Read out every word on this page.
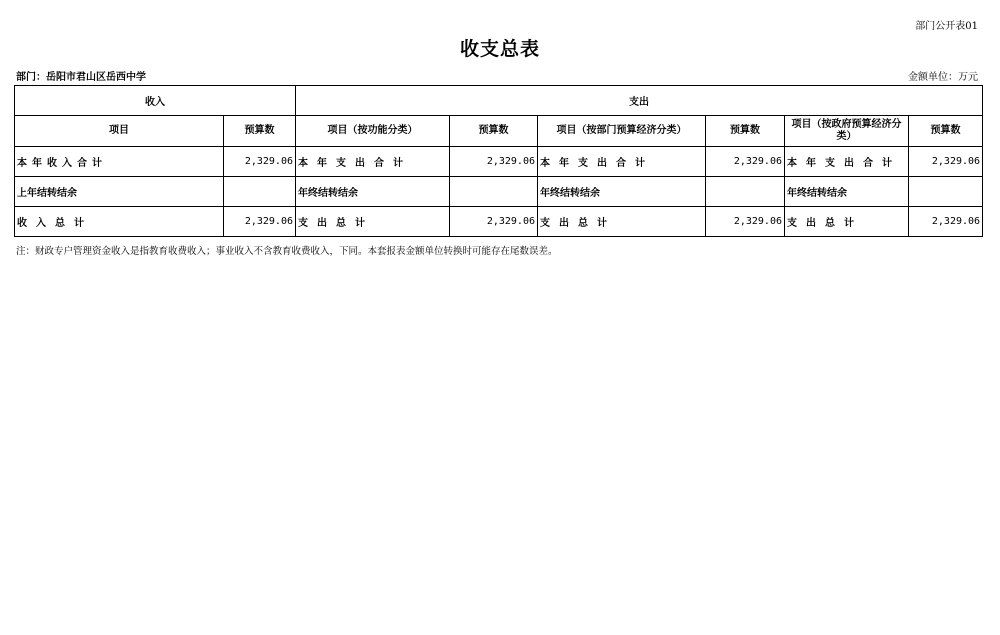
部门公开表01
收支总表
部门：岳阳市君山区岳西中学	金额单位：万元
收入		支出					
项目	预算数	项目（按功能分类）	预算数	项目（按部门预算经济分类）	预算数	项目（按政府预算经济分类）	预算数
本年收入合计	2,329.06	本年支出合计	2,329.06	本年支出合计	2,329.06	本年支出合计	2,329.06
上年结转结余		年终结转结余		年终结转结余		年终结转结余	
收入总计	2,329.06	支出总计	2,329.06	支出总计	2,329.06	支出总计	2,329.06
注：财政专户管理资金收入是指教育收费收入；事业收入不含教育收费收入，下同。本套报表金额单位转换时可能存在尾数误差。
